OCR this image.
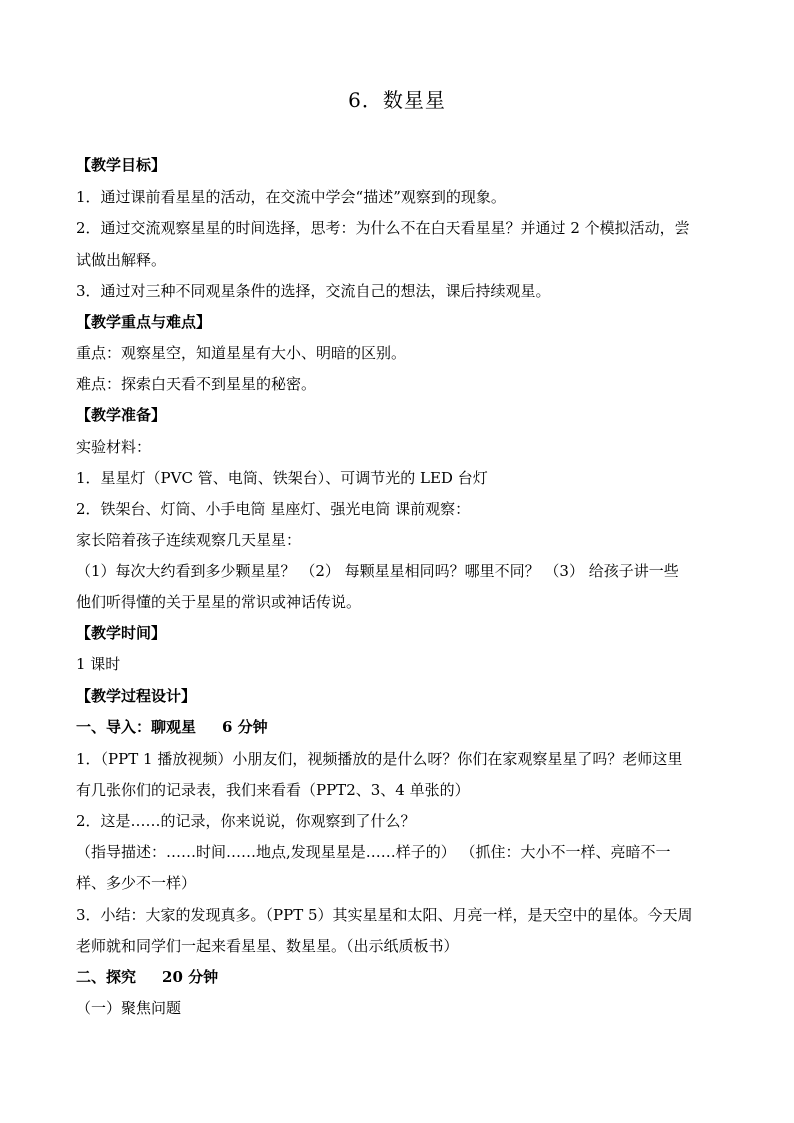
6．数星星
【教学目标】
1．通过课前看星星的活动，在交流中学会“描述”观察到的现象。
2．通过交流观察星星的时间选择，思考：为什么不在白天看星星？并通过 2 个模拟活动，尝
试做出解释。
3．通过对三种不同观星条件的选择，交流自己的想法，课后持续观星。
【教学重点与难点】
重点：观察星空，知道星星有大小、明暗的区别。
难点：探索白天看不到星星的秘密。
【教学准备】
实验材料：
1．星星灯（PVC 管、电筒、铁架台）、可调节光的 LED 台灯
2．铁架台、灯筒、小手电筒 星座灯、强光电筒 课前观察：
家长陪着孩子连续观察几天星星：
（1）每次大约看到多少颗星星？ （2） 每颗星星相同吗？哪里不同？ （3） 给孩子讲一些
他们听得懂的关于星星的常识或神话传说。
【教学时间】
1 课时
【教学过程设计】
一、导入：聊观星 6 分钟
1．（PPT 1 播放视频）小朋友们，视频播放的是什么呀？你们在家观察星星了吗？老师这里
有几张你们的记录表，我们来看看（PPT2、3、4 单张的）
2．这是……的记录，你来说说，你观察到了什么？
（指导描述：……时间……地点,发现星星是……样子的） （抓住：大小不一样、亮暗不一
样、多少不一样）
3．小结：大家的发现真多。（PPT 5）其实星星和太阳、月亮一样，是天空中的星体。今天周
老师就和同学们一起来看星星、数星星。（出示纸质板书）
二、探究 20 分钟
（一）聚焦问题
